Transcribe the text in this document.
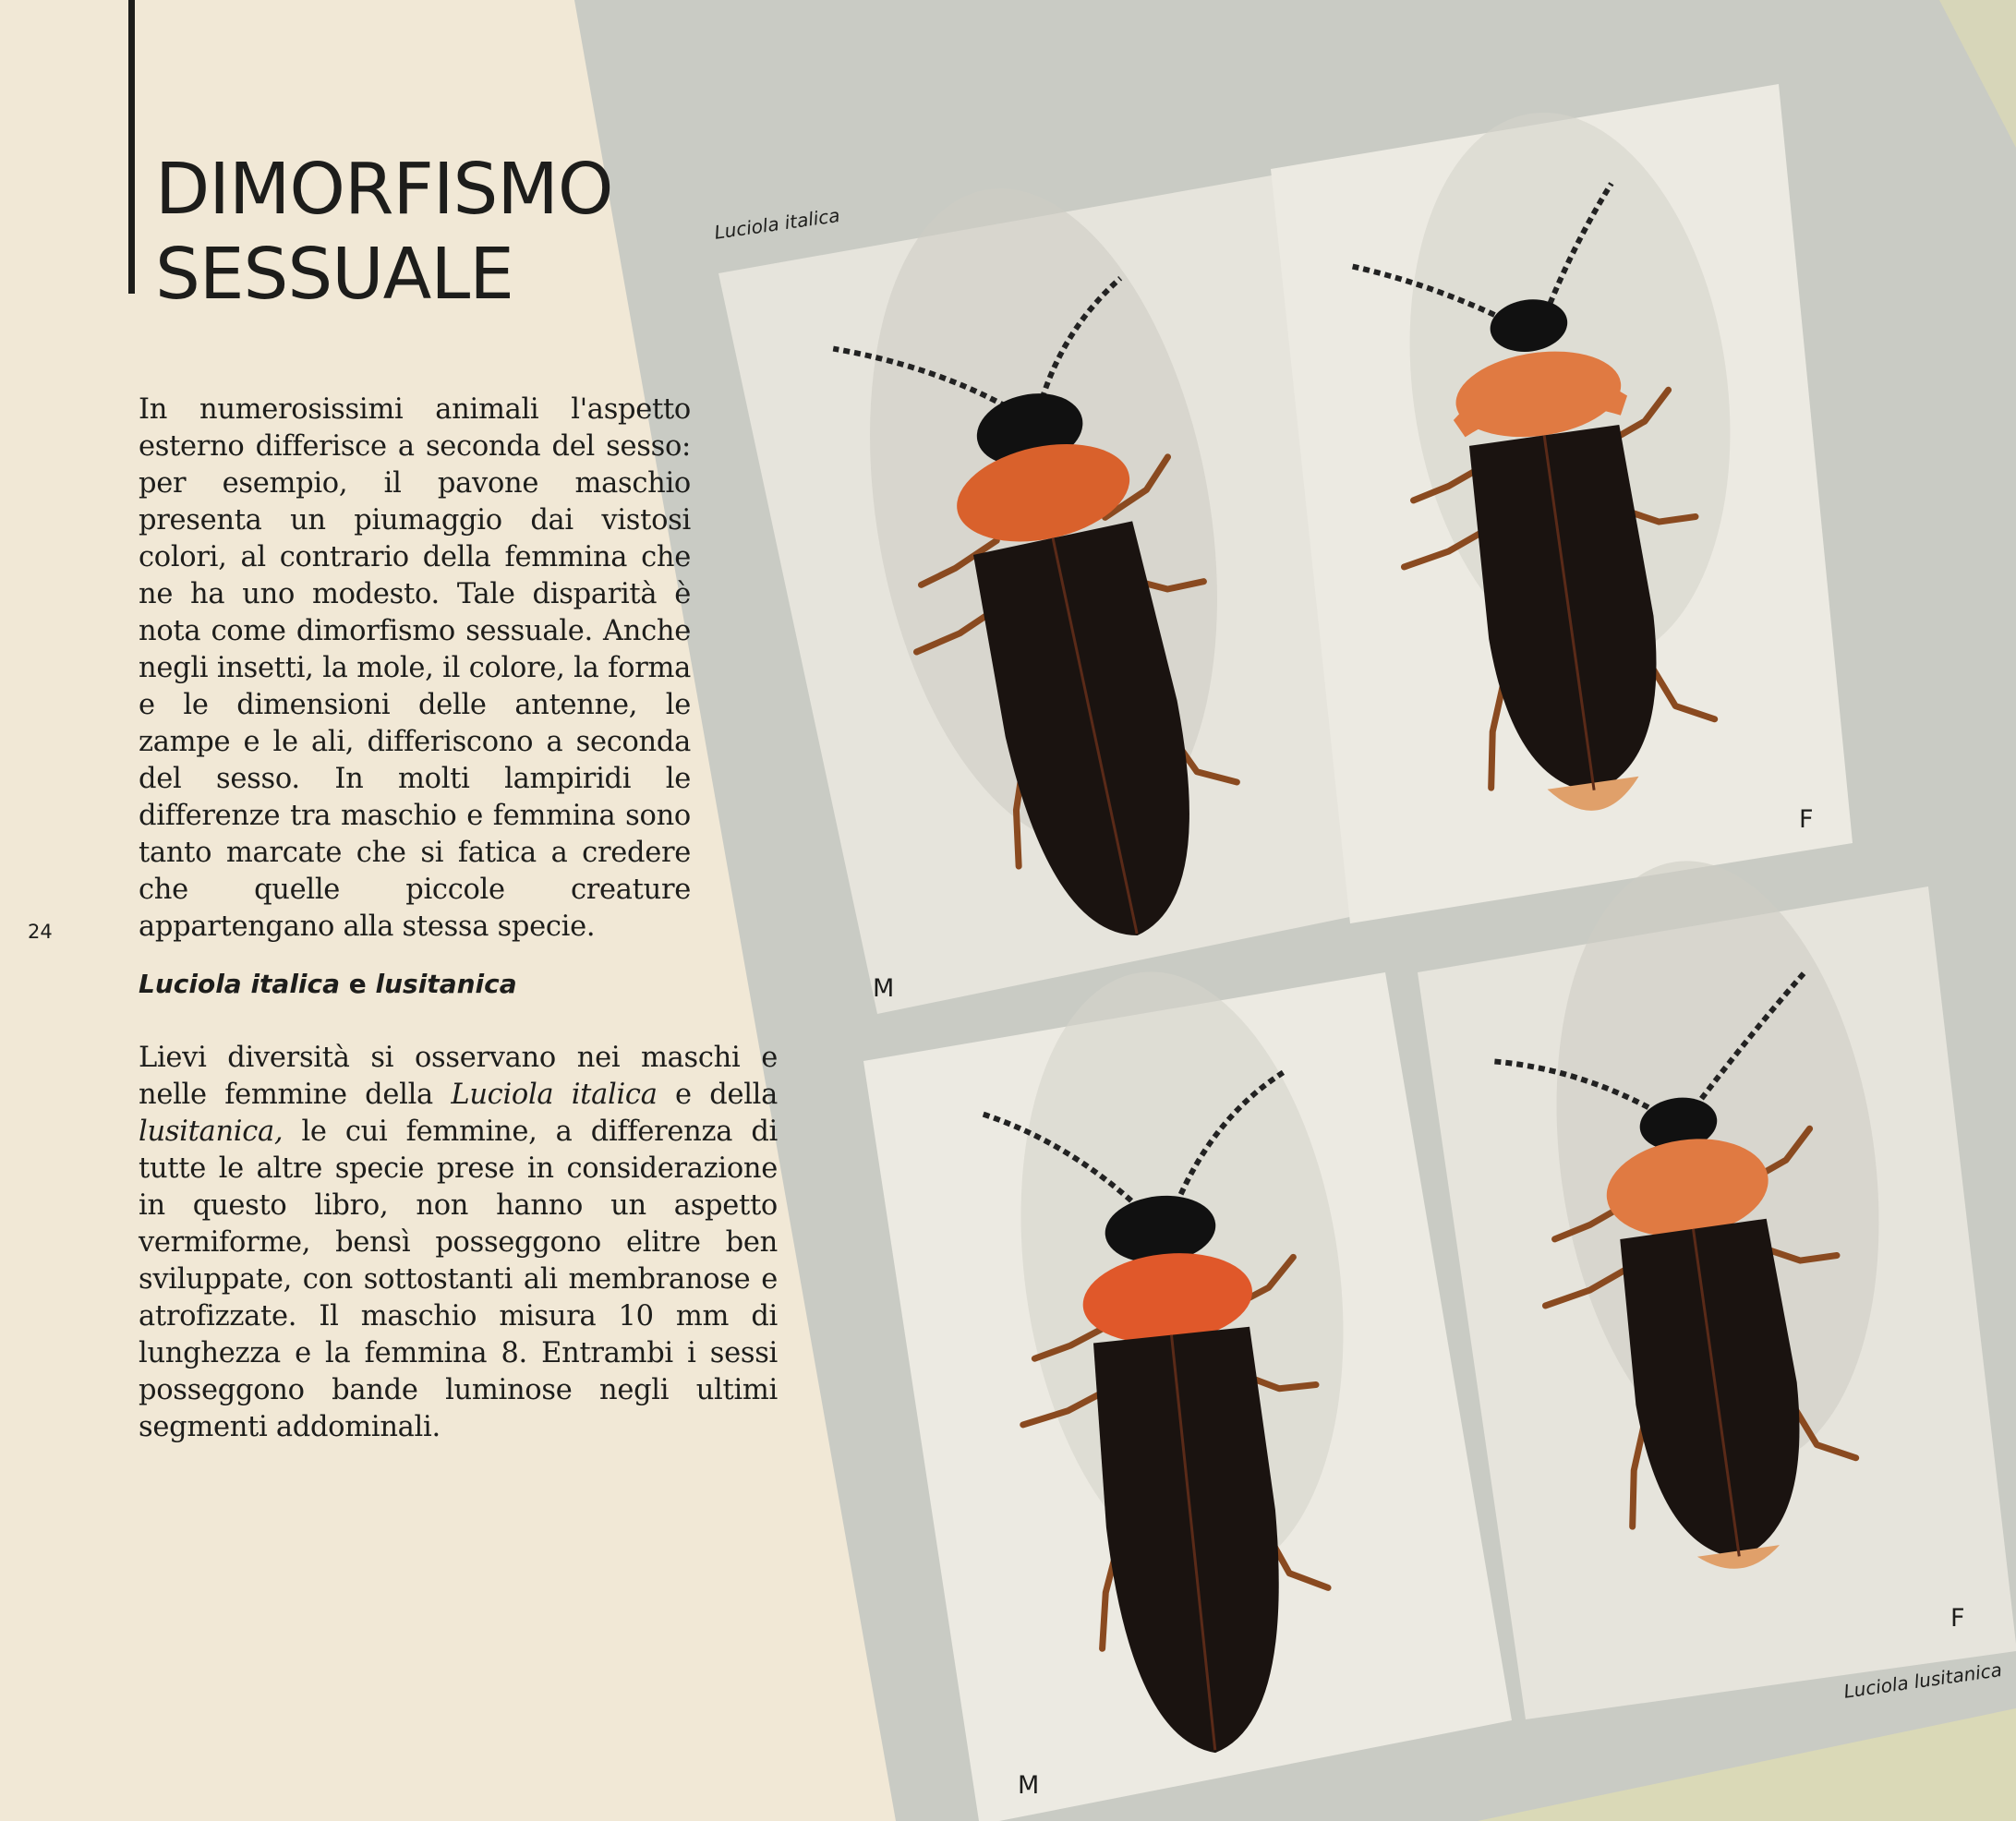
F
M
M
F
DIMORFISMO
SESSUALE

In numerosissimi animali l'aspetto esterno differisce a seconda del sesso: per esempio, il pavone maschio presenta un piumaggio dai vistosi colori, al contrario della femmina che ne ha uno modesto. Tale disparità è nota come dimorfismo sessuale. Anche negli insetti, la mole, il colore, la forma e le dimensioni delle antenne, le zampe e le ali, differiscono a seconda del sesso. In molti lampiridi le differenze tra maschio e femmina sono tanto marcate che si fatica a credere che quelle piccole creature appartengano alla stessa specie.

24
Luciola italica e lusitanica

Lievi diversità si osservano nei maschi e nelle femmine della Luciola italica e della lusitanica, le cui femmine, a differenza di tutte le altre specie prese in considerazione in questo libro, non hanno un aspetto vermiforme, bensì posseggono elitre ben sviluppate, con sottostanti ali membranose e atrofizzate. Il maschio misura 10 mm di lunghezza e la femmina 8. Entrambi i sessi posseggono bande luminose negli ultimi segmenti addominali.

Luciola italica
Luciola lusitanica
